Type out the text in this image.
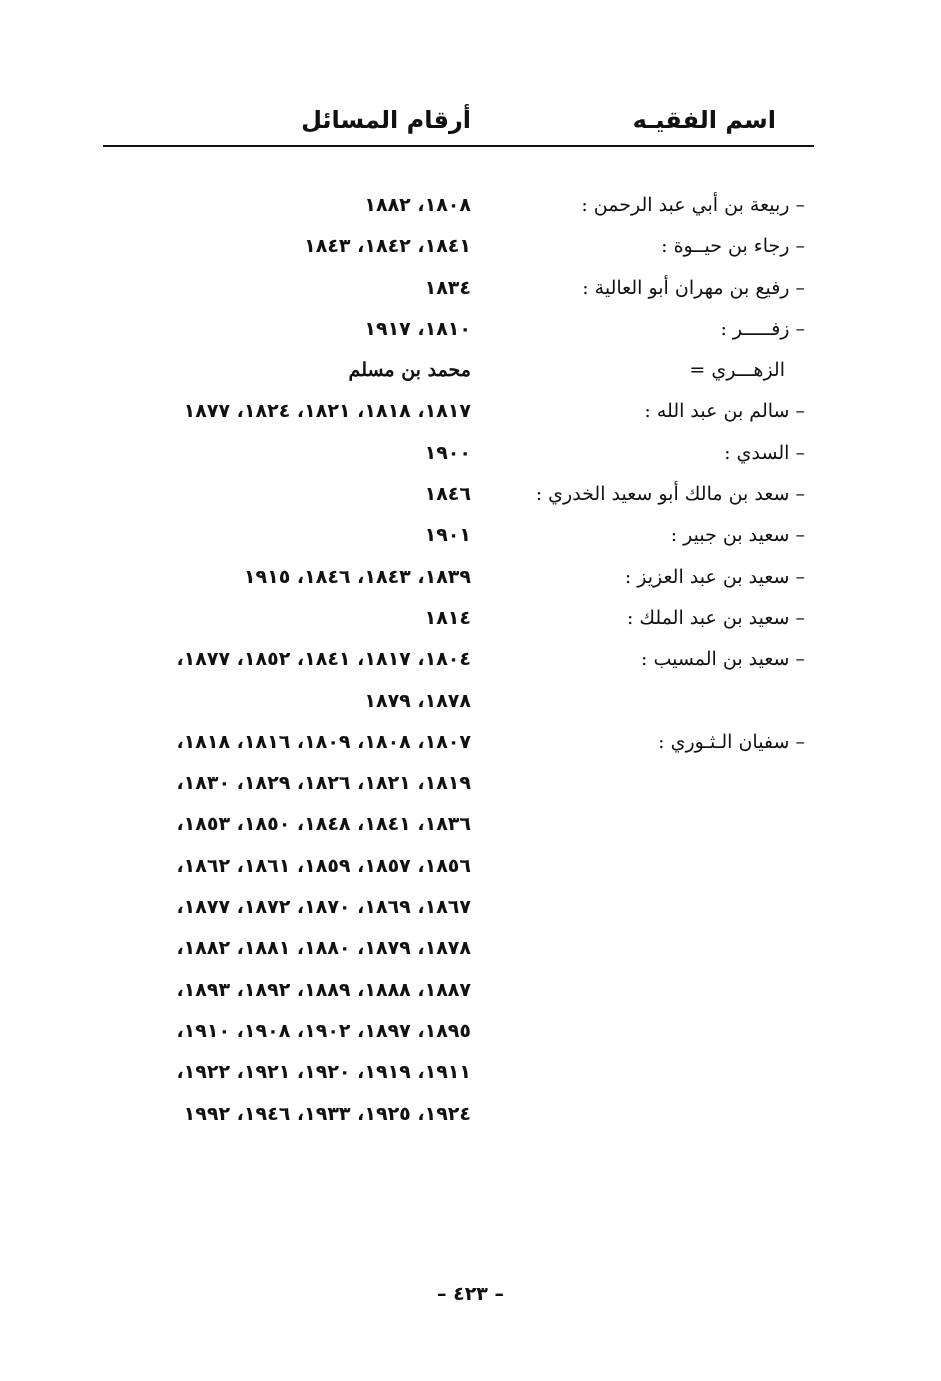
اسم الفقيـه
أرقام المسائل
– ربيعة بن أبي عبد الرحمن :
١٨٠٨، ١٨٨٢
– رجاء بن حيــوة :
١٨٤١، ١٨٤٢، ١٨٤٣
– رفيع بن مهران أبو العالية :
١٨٣٤
– زفـــــر :
١٨١٠، ١٩١٧
الزهـــري =
محمد بن مسلم
– سالم بن عبد الله :
١٨١٧، ١٨١٨، ١٨٢١، ١٨٢٤، ١٨٧٧
– السدي :
١٩٠٠
– سعد بن مالك أبو سعيد الخدري :
١٨٤٦
– سعيد بن جبير :
١٩٠١
– سعيد بن عبد العزيز :
١٨٣٩، ١٨٤٣، ١٨٤٦، ١٩١٥
– سعيد بن عبد الملك :
١٨١٤
– سعيد بن المسيب :
١٨٠٤، ١٨١٧، ١٨٤١، ١٨٥٢، ١٨٧٧،
١٨٧٨، ١٨٧٩
– سفيان الـثـوري :
١٨٠٧، ١٨٠٨، ١٨٠٩، ١٨١٦، ١٨١٨،
١٨١٩، ١٨٢١، ١٨٢٦، ١٨٢٩، ١٨٣٠،
١٨٣٦، ١٨٤١، ١٨٤٨، ١٨٥٠، ١٨٥٣،
١٨٥٦، ١٨٥٧، ١٨٥٩، ١٨٦١، ١٨٦٢،
١٨٦٧، ١٨٦٩، ١٨٧٠، ١٨٧٢، ١٨٧٧،
١٨٧٨، ١٨٧٩، ١٨٨٠، ١٨٨١، ١٨٨٢،
١٨٨٧، ١٨٨٨، ١٨٨٩، ١٨٩٢، ١٨٩٣،
١٨٩٥، ١٨٩٧، ١٩٠٢، ١٩٠٨، ١٩١٠،
١٩١١، ١٩١٩، ١٩٢٠، ١٩٢١، ١٩٢٢،
١٩٢٤، ١٩٢٥، ١٩٣٣، ١٩٤٦، ١٩٩٢
– ٤٢٣ –
